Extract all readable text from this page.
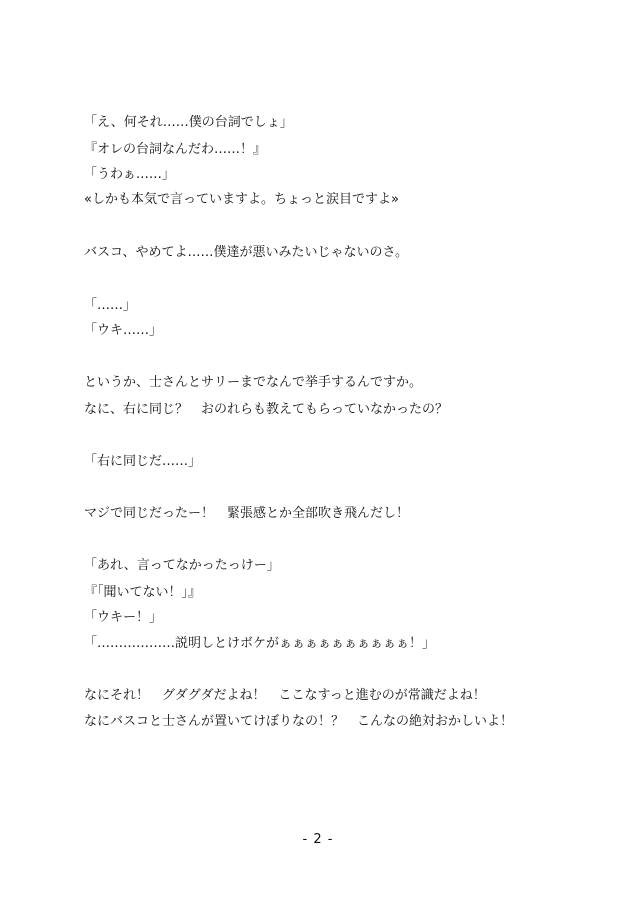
「え、何それ……僕の台詞でしょ」
『オレの台詞なんだわ……！』
「うわぁ……」
«しかも本気で言っていますよ。ちょっと涙目ですよ»
バスコ、やめてよ……僕達が悪いみたいじゃないのさ。
「……」
「ウキ……」
というか、士さんとサリーまでなんで挙手するんですか。
なに、右に同じ？　おのれらも教えてもらっていなかったの？
「右に同じだ……」
マジで同じだったー！　緊張感とか全部吹き飛んだし！
「あれ、言ってなかったっけー」
『「聞いてない！」』
「ウキー！」
「………………説明しとけボケがぁぁぁぁぁぁぁぁぁぁ！」
なにそれ！　グダグダだよね！　ここなすっと進むのが常識だよね！
なにバスコと士さんが置いてけぼりなの！？　こんなの絶対おかしいよ！
- 2 -
